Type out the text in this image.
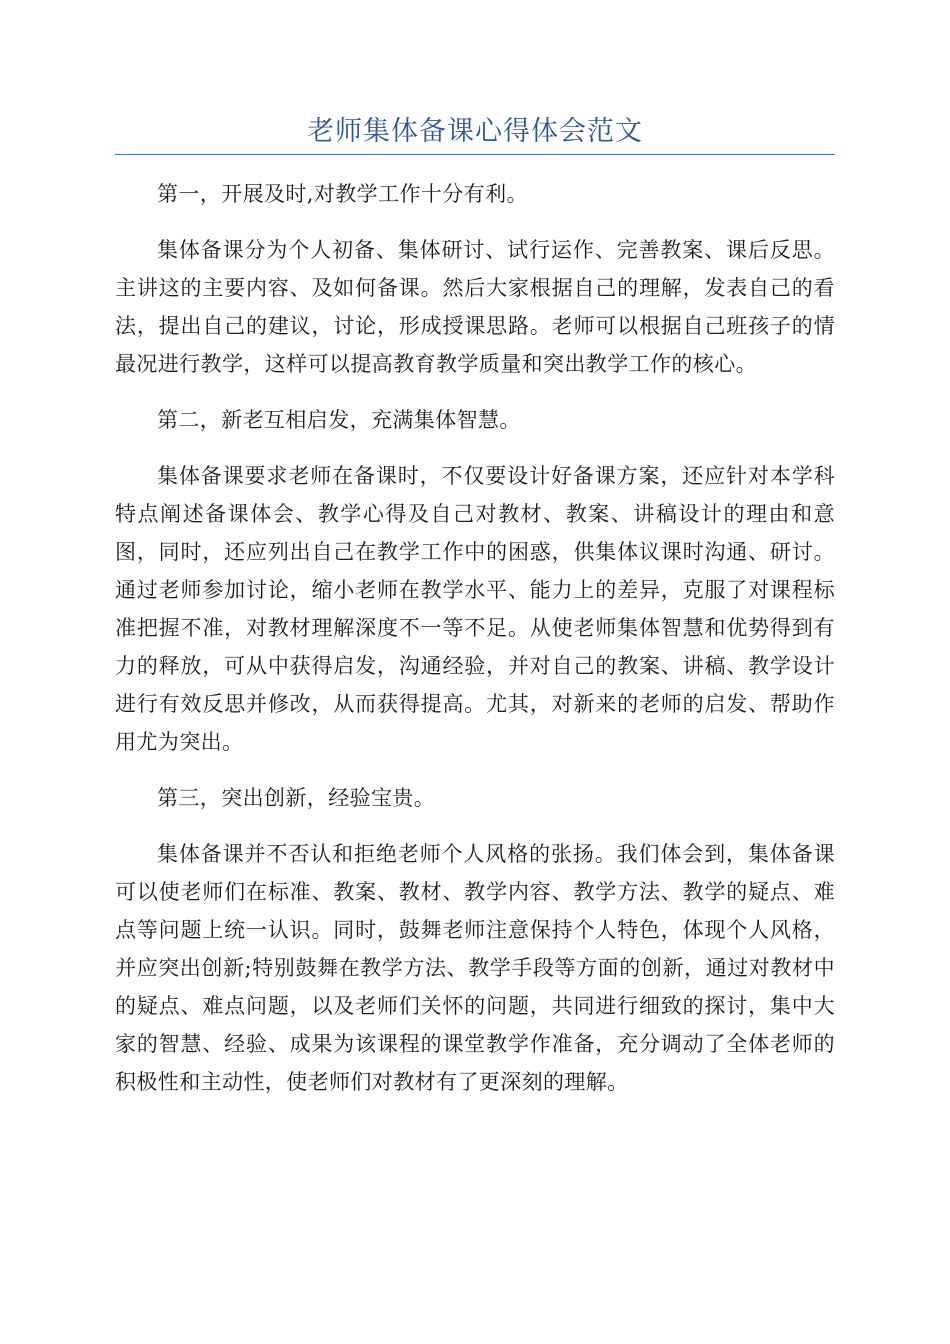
老师集体备课心得体会范文

第一，开展及时,对教学工作十分有利。

集体备课分为个人初备、集体研讨、试行运作、完善教案、课后反思。主讲这的主要内容、及如何备课。然后大家根据自己的理解，发表自己的看法，提出自己的建议，讨论，形成授课思路。老师可以根据自己班孩子的情最况进行教学，这样可以提高教育教学质量和突出教学工作的核心。

第二，新老互相启发，充满集体智慧。

集体备课要求老师在备课时，不仅要设计好备课方案，还应针对本学科特点阐述备课体会、教学心得及自己对教材、教案、讲稿设计的理由和意图，同时，还应列出自己在教学工作中的困惑，供集体议课时沟通、研讨。通过老师参加讨论，缩小老师在教学水平、能力上的差异，克服了对课程标准把握不准，对教材理解深度不一等不足。从使老师集体智慧和优势得到有力的释放，可从中获得启发，沟通经验，并对自己的教案、讲稿、教学设计进行有效反思并修改，从而获得提高。尤其，对新来的老师的启发、帮助作用尤为突出。

第三，突出创新，经验宝贵。

集体备课并不否认和拒绝老师个人风格的张扬。我们体会到，集体备课可以使老师们在标准、教案、教材、教学内容、教学方法、教学的疑点、难点等问题上统一认识。同时，鼓舞老师注意保持个人特色，体现个人风格，并应突出创新;特别鼓舞在教学方法、教学手段等方面的创新，通过对教材中的疑点、难点问题，以及老师们关怀的问题，共同进行细致的探讨，集中大家的智慧、经验、成果为该课程的课堂教学作准备，充分调动了全体老师的积极性和主动性，使老师们对教材有了更深刻的理解。
